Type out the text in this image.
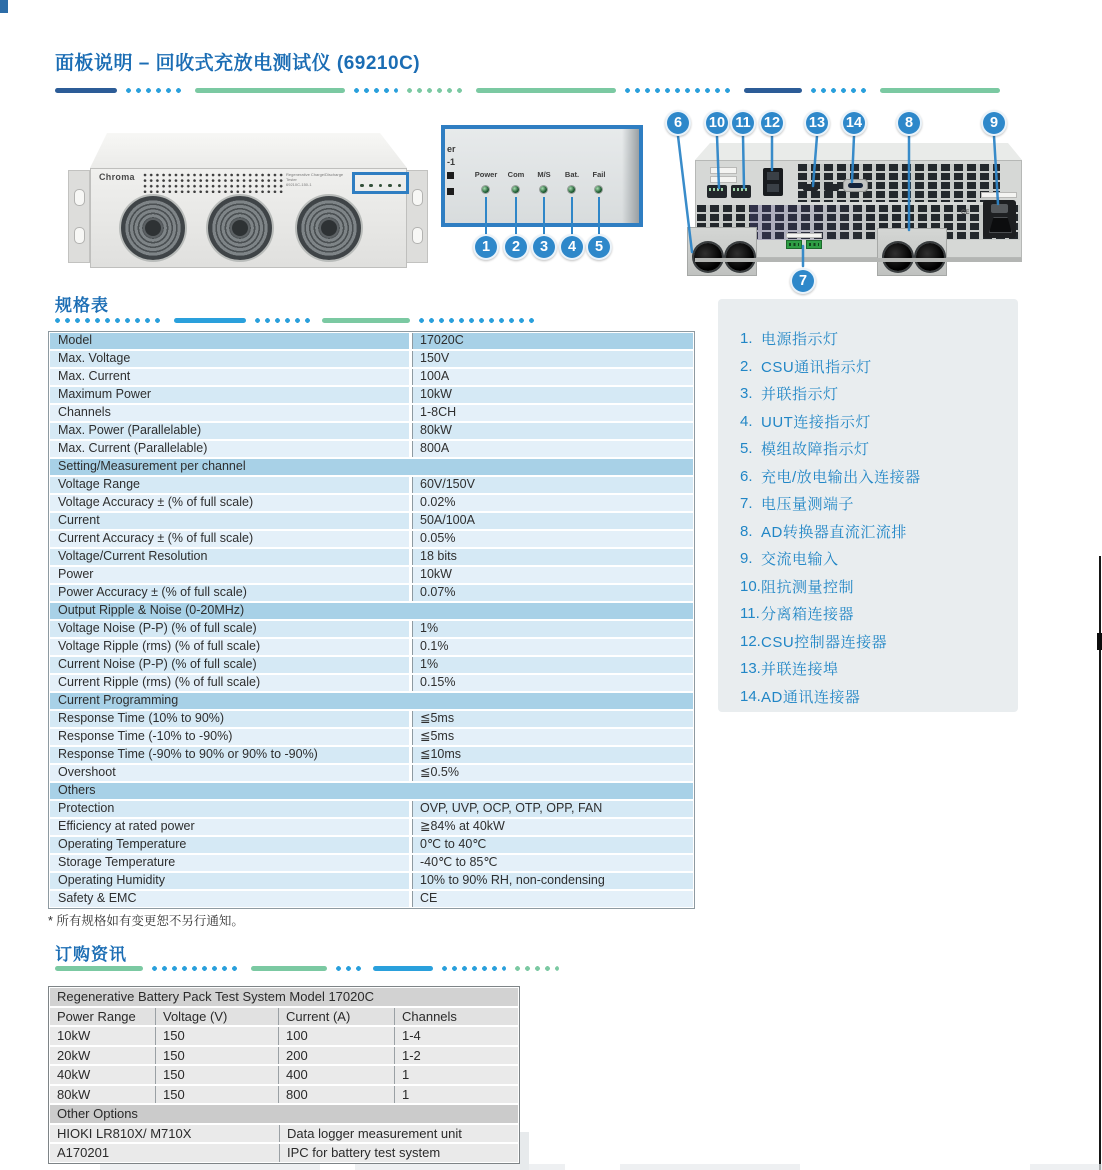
面板说明 – 回收式充放电测试仪 (69210C)
Chroma	Regenerative Charge/Discharge Tester
69210C-150-1
er
-1
Power Com M/S Bat. Fail
1	2	3	4	5
CE
6	10 11 12	13	14	8	9
7
规格表
Model	17020C
Max. Voltage	150V
Max. Current	100A
Maximum Power	10kW
Channels	1-8CH
Max. Power (Parallelable)	80kW
Max. Current (Parallelable)	800A
Setting/Measurement per channel
Voltage Range	60V/150V
Voltage Accuracy ± (% of full scale)	0.02%
Current	50A/100A
Current Accuracy ± (% of full scale)	0.05%
Voltage/Current Resolution	18 bits
Power	10kW
Power Accuracy ± (% of full scale)	0.07%
Output Ripple & Noise (0-20MHz)
Voltage Noise (P-P) (% of full scale)	1%
Voltage Ripple (rms) (% of full scale)	0.1%
Current Noise (P-P) (% of full scale)	1%
Current Ripple (rms) (% of full scale)	0.15%
Current Programming
Response Time (10% to 90%)	≦5ms
Response Time (-10% to -90%)	≦5ms
Response Time (-90% to 90% or 90% to -90%)	≦10ms
Overshoot	≦0.5%
Others
Protection	OVP, UVP, OCP, OTP, OPP, FAN
Efficiency at rated power	≧84% at 40kW
Operating Temperature	0℃ to 40℃
Storage Temperature	-40℃ to 85℃
Operating Humidity	10% to 90% RH, non-condensing
Safety & EMC	CE
* 所有规格如有变更恕不另行通知。
1. 电源指示灯
2. CSU通讯指示灯
3. 并联指示灯
4. UUT连接指示灯
5. 模组故障指示灯
6. 充电/放电输出入连接器
7. 电压量测端子
8. AD转换器直流汇流排
9. 交流电输入
10. 阻抗测量控制
11. 分离箱连接器
12. CSU控制器连接器
13. 并联连接埠
14. AD通讯连接器
订购资讯
Regenerative Battery Pack Test System Model 17020C
Power Range	Voltage (V)	Current (A)	Channels
10kW	150	100	1-4
20kW	150	200	1-2
40kW	150	400	1
80kW	150	800	1
Other Options
HIOKI LR810X/ M710X	Data logger measurement unit
A170201	IPC for battery test system
